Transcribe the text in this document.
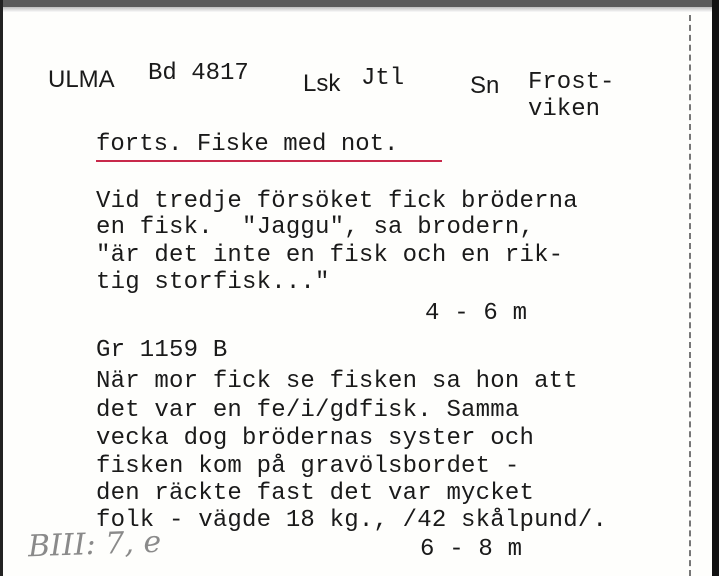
ULMA Bd 4817 Lsk Jtl	Sn Frost-
viken
forts. Fiske med not.
Vid tredje försöket fick bröderna
en fisk.  "Jaggu", sa brodern,
"är det inte en fisk och en rik-
tig storfisk..."
4 - 6 m
Gr 1159 B
När mor fick se fisken sa hon att
det var en fe/i/gdfisk. Samma
vecka dog brödernas syster och
fisken kom på gravölsbordet -
den räckte fast det var mycket
folk - vägde 18 kg., /42 skålpund/.
6 - 8 m
BIII: 7, e
